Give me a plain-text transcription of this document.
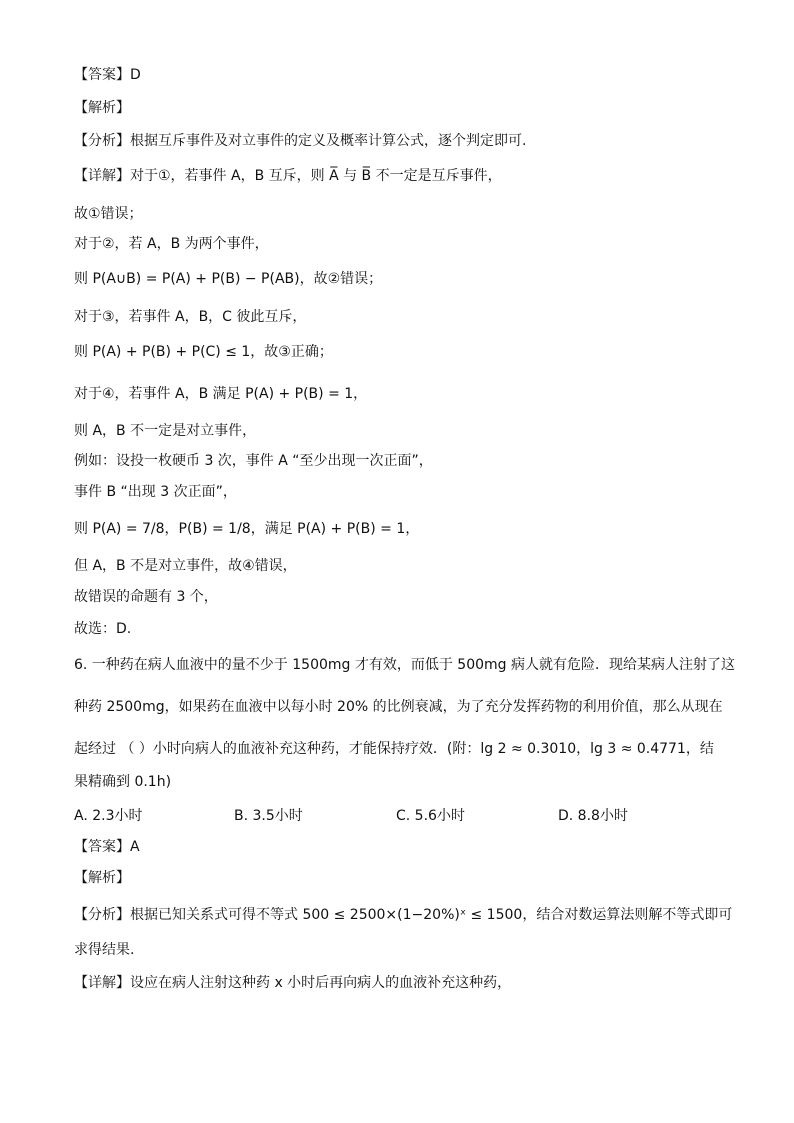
【答案】D
【解析】
【分析】根据互斥事件及对立事件的定义及概率计算公式，逐个判定即可.
【详解】对于①，若事件 A，B 互斥，则 A̅ 与 B̅ 不一定是互斥事件，
故①错误；
对于②，若 A，B 为两个事件，
则 P(A∪B) = P(A) + P(B) − P(AB)，故②错误；
对于③，若事件 A，B，C 彼此互斥，
则 P(A) + P(B) + P(C) ≤ 1，故③正确；
对于④，若事件 A，B 满足 P(A) + P(B) = 1，
则 A，B 不一定是对立事件，
例如：设投一枚硬币 3 次，事件 A “至少出现一次正面”，
事件 B “出现 3 次正面”，
则 P(A) = 7/8，P(B) = 1/8，满足 P(A) + P(B) = 1，
但 A，B 不是对立事件，故④错误，
故错误的命题有 3 个，
故选：D.
6. 一种药在病人血液中的量不少于 1500mg 才有效，而低于 500mg 病人就有危险．现给某病人注射了这
种药 2500mg，如果药在血液中以每小时 20% 的比例衰减，为了充分发挥药物的利用价值，那么从现在
起经过 （ ）小时向病人的血液补充这种药，才能保持疗效．(附：lg 2 ≈ 0.3010，lg 3 ≈ 0.4771，结
果精确到 0.1h)
A. 2.3小时	B. 3.5小时	C. 5.6小时	D. 8.8小时
【答案】A
【解析】
【分析】根据已知关系式可得不等式 500 ≤ 2500×(1−20%)ˣ ≤ 1500，结合对数运算法则解不等式即可
求得结果.
【详解】设应在病人注射这种药 x 小时后再向病人的血液补充这种药，
